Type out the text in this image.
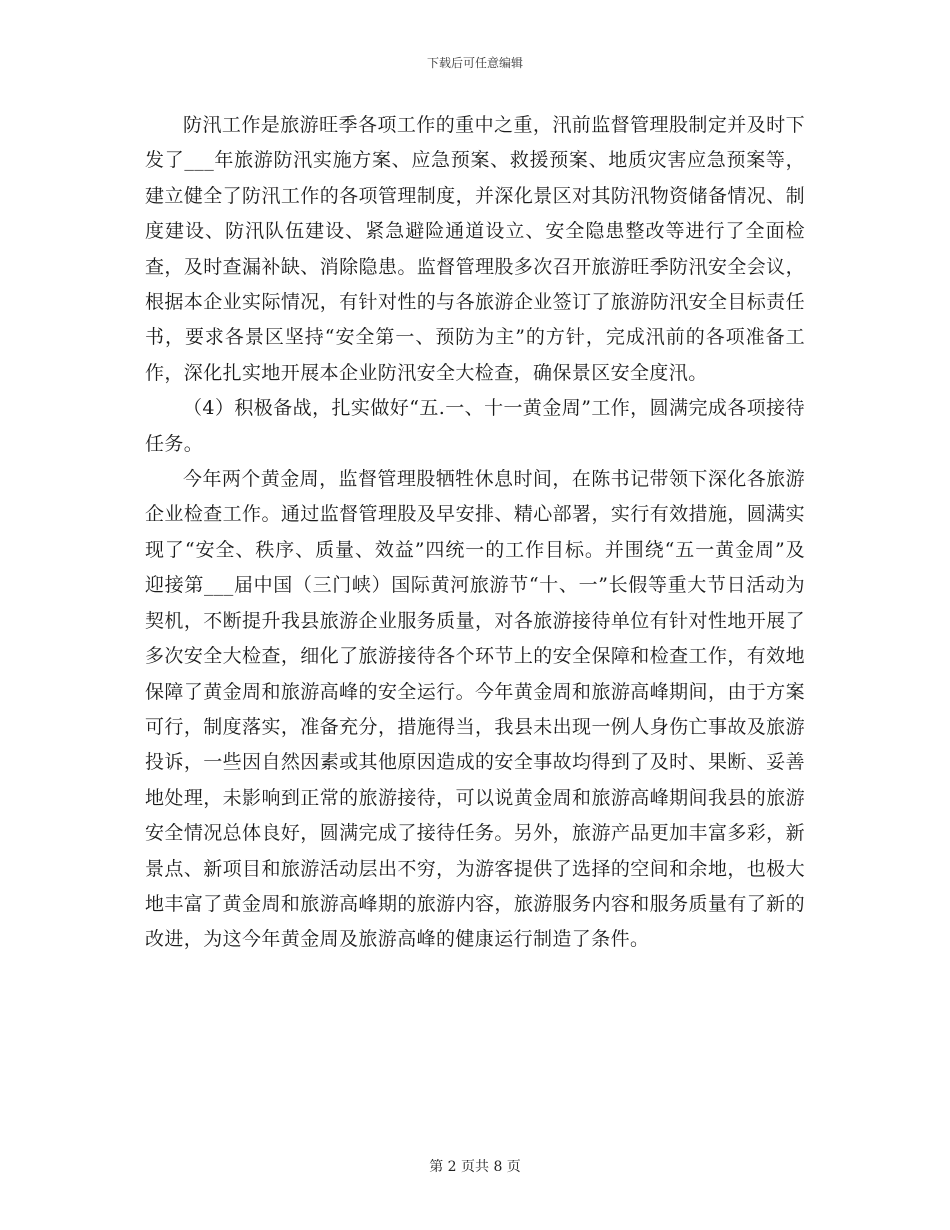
下载后可任意编辑

防汛工作是旅游旺季各项工作的重中之重，汛前监督管理股制定并及时下发了___年旅游防汛实施方案、应急预案、救援预案、地质灾害应急预案等，建立健全了防汛工作的各项管理制度，并深化景区对其防汛物资储备情况、制度建设、防汛队伍建设、紧急避险通道设立、安全隐患整改等进行了全面检查，及时查漏补缺、消除隐患。监督管理股多次召开旅游旺季防汛安全会议，根据本企业实际情况，有针对性的与各旅游企业签订了旅游防汛安全目标责任书，要求各景区坚持“安全第一、预防为主”的方针，完成汛前的各项准备工作，深化扎实地开展本企业防汛安全大检查，确保景区安全度汛。

（4）积极备战，扎实做好“五.一、十一黄金周”工作，圆满完成各项接待任务。

今年两个黄金周，监督管理股牺牲休息时间，在陈书记带领下深化各旅游企业检查工作。通过监督管理股及早安排、精心部署，实行有效措施，圆满实现了“安全、秩序、质量、效益”四统一的工作目标。并围绕“五一黄金周”及迎接第___届中国（三门峡）国际黄河旅游节“十、一”长假等重大节日活动为契机，不断提升我县旅游企业服务质量，对各旅游接待单位有针对性地开展了多次安全大检查，细化了旅游接待各个环节上的安全保障和检查工作，有效地保障了黄金周和旅游高峰的安全运行。今年黄金周和旅游高峰期间，由于方案可行，制度落实，准备充分，措施得当，我县未出现一例人身伤亡事故及旅游投诉，一些因自然因素或其他原因造成的安全事故均得到了及时、果断、妥善地处理，未影响到正常的旅游接待，可以说黄金周和旅游高峰期间我县的旅游安全情况总体良好，圆满完成了接待任务。另外，旅游产品更加丰富多彩，新景点、新项目和旅游活动层出不穷，为游客提供了选择的空间和余地，也极大地丰富了黄金周和旅游高峰期的旅游内容，旅游服务内容和服务质量有了新的改进，为这今年黄金周及旅游高峰的健康运行制造了条件。

第 2 页共 8 页
